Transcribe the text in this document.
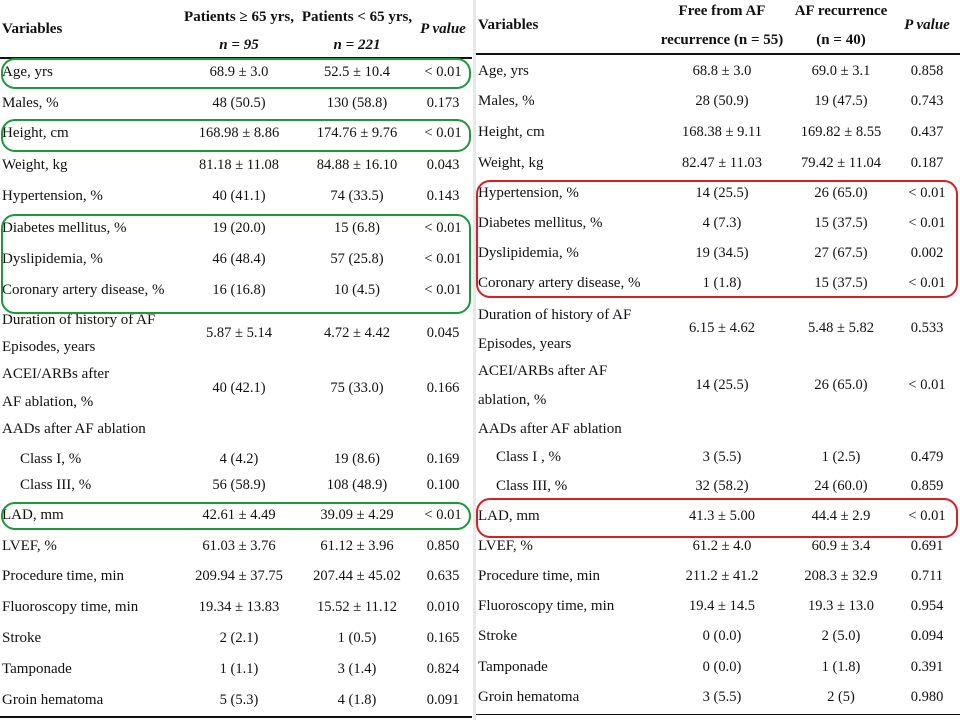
Variables
Patients ≥ 65 yrs,
n = 95
Patients < 65 yrs,
n = 221
P value
Age, yrs	68.9 ± 3.0	52.5 ± 10.4 < 0.01
Males, %	48 (50.5)	130 (58.8)	0.173
Height, cm	168.98 ± 8.86	174.76 ± 9.76 < 0.01
Weight, kg	81.18 ± 11.08	84.88 ± 16.10 0.043
Hypertension, %	40 (41.1)	74 (33.5)	0.143
Diabetes mellitus, %	19 (20.0)	15 (6.8)	< 0.01
Dyslipidemia, %	46 (48.4)	57 (25.8)	< 0.01
Coronary artery disease, %	16 (16.8)	10 (4.5)	< 0.01
Duration of history of AF
Episodes, years
5.87 ± 5.14	4.72 ± 4.42	0.045
ACEI/ARBs after
AF ablation, %
40 (42.1)	75 (33.0)	0.166
AADs after AF ablation
Class I, %	4 (4.2)	19 (8.6)	0.169
Class III, %	56 (58.9)	108 (48.9)	0.100
LAD, mm	42.61 ± 4.49	39.09 ± 4.29 < 0.01
LVEF, %	61.03 ± 3.76	61.12 ± 3.96 0.850
Procedure time, min	209.94 ± 37.75 207.44 ± 45.02 0.635
Fluoroscopy time, min	19.34 ± 13.83	15.52 ± 11.12 0.010
Stroke	2 (2.1)	1 (0.5)	0.165
Tamponade	1 (1.1)	3 (1.4)	0.824
Groin hematoma	5 (5.3)	4 (1.8)	0.091
Variables
Free from AF
recurrence (n = 55)
AF recurrence
(n = 40)
P value
Age, yrs	68.8 ± 3.0	69.0 ± 3.1	0.858
Males, %	28 (50.9)	19 (47.5)	0.743
Height, cm	168.38 ± 9.11	169.82 ± 8.55 0.437
Weight, kg	82.47 ± 11.03	79.42 ± 11.04 0.187
Hypertension, %	14 (25.5)	26 (65.0)	< 0.01
Diabetes mellitus, %	4 (7.3)	15 (37.5)	< 0.01
Dyslipidemia, %	19 (34.5)	27 (67.5)	0.002
Coronary artery disease, %	1 (1.8)	15 (37.5)	< 0.01
Duration of history of AF
Episodes, years
6.15 ± 4.62	5.48 ± 5.82	0.533
ACEI/ARBs after AF
ablation, %
14 (25.5)	26 (65.0)	< 0.01
AADs after AF ablation
Class I , %	3 (5.5)	1 (2.5)	0.479
Class III, %	32 (58.2)	24 (60.0)	0.859
LAD, mm	41.3 ± 5.00	44.4 ± 2.9	< 0.01
LVEF, %	61.2 ± 4.0	60.9 ± 3.4	0.691
Procedure time, min	211.2 ± 41.2	208.3 ± 32.9 0.711
Fluoroscopy time, min	19.4 ± 14.5	19.3 ± 13.0	0.954
Stroke	0 (0.0)	2 (5.0)	0.094
Tamponade	0 (0.0)	1 (1.8)	0.391
Groin hematoma	3 (5.5)	2 (5)	0.980
